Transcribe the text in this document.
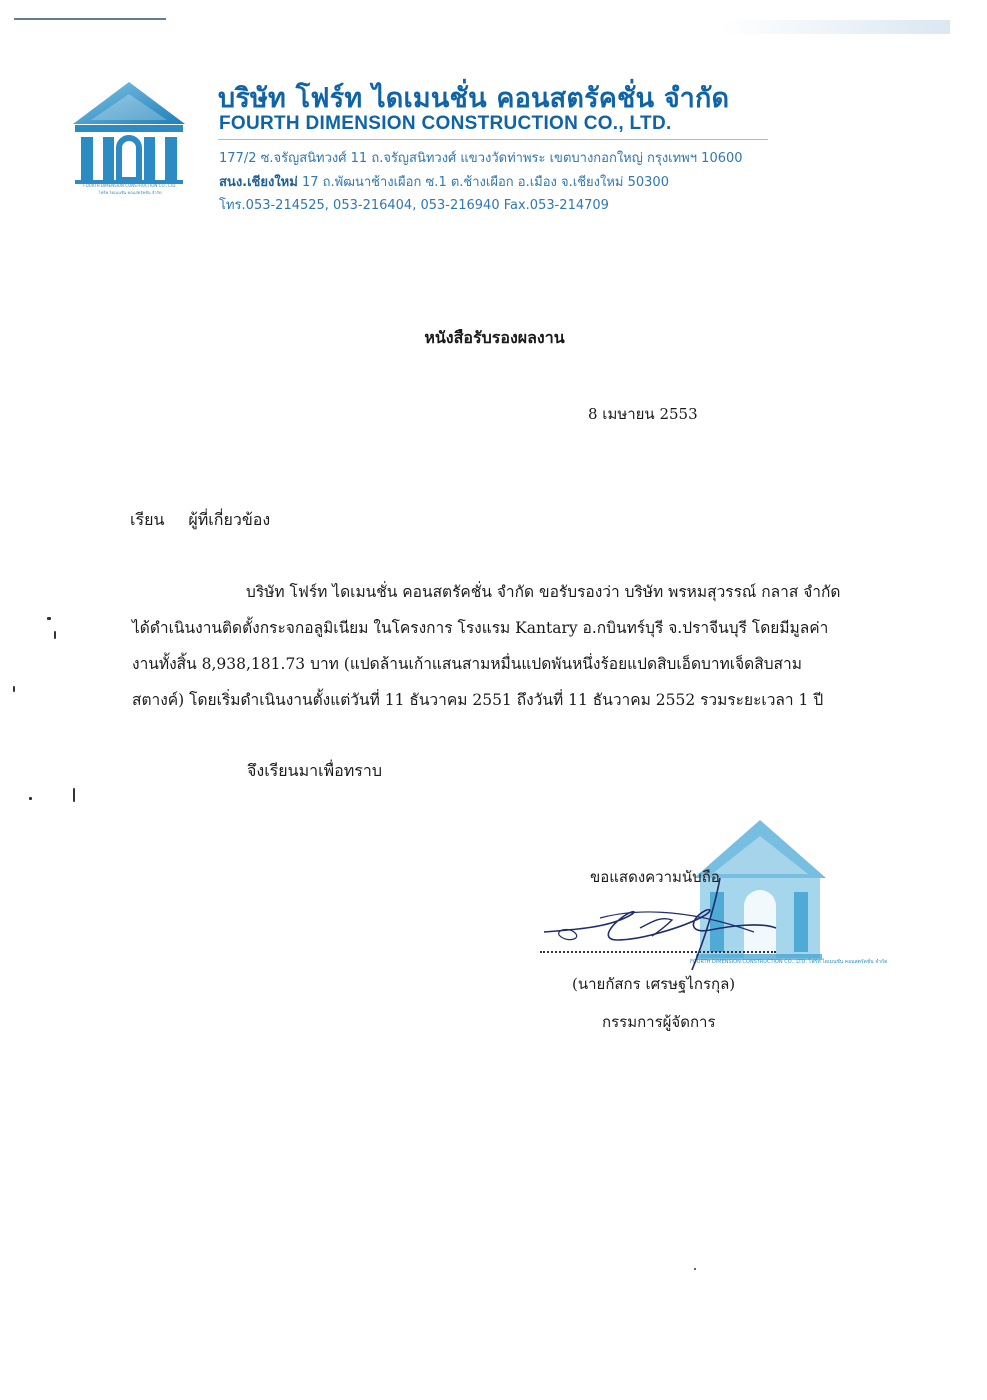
FOURTH DIMENSION CONSTRUCTION CO., LTD.
โฟร์ท ไดเมนชั่น คอนสตรัคชั่น จำกัด
บริษัท โฟร์ท ไดเมนชั่น คอนสตรัคชั่น จำกัด
FOURTH DIMENSION CONSTRUCTION CO., LTD.
177/2 ซ.จรัญสนิทวงศ์ 11 ถ.จรัญสนิทวงศ์ แขวงวัดท่าพระ เขตบางกอกใหญ่ กรุงเทพฯ 10600
สนง.เชียงใหม่ 17 ถ.พัฒนาช้างเผือก ซ.1 ต.ช้างเผือก อ.เมือง จ.เชียงใหม่ 50300
โทร.053-214525, 053-216404, 053-216940 Fax.053-214709
หนังสือรับรองผลงาน
8 เมษายน 2553
เรียน ผู้ที่เกี่ยวข้อง
บริษัท โฟร์ท ไดเมนชั่น คอนสตรัคชั่น จำกัด ขอรับรองว่า บริษัท พรหมสุวรรณ์ กลาส จำกัด
ได้ดำเนินงานติดตั้งกระจกอลูมิเนียม ในโครงการ โรงแรม Kantary อ.กบินทร์บุรี จ.ปราจีนบุรี โดยมีมูลค่า
งานทั้งสิ้น 8,938,181.73 บาท (แปดล้านเก้าแสนสามหมื่นแปดพันหนึ่งร้อยแปดสิบเอ็ดบาทเจ็ดสิบสาม
สตางค์) โดยเริ่มดำเนินงานตั้งแต่วันที่ 11 ธันวาคม 2551 ถึงวันที่ 11 ธันวาคม 2552 รวมระยะเวลา 1 ปี
จึงเรียนมาเพื่อทราบ
FOURTH DIMENSION CONSTRUCTION CO., LTD. โฟร์ท ไดเมนชั่น คอนสตรัคชั่น จำกัด
ขอแสดงความนับถือ
(นายกัสกร เศรษฐไกรกุล)
กรรมการผู้จัดการ
